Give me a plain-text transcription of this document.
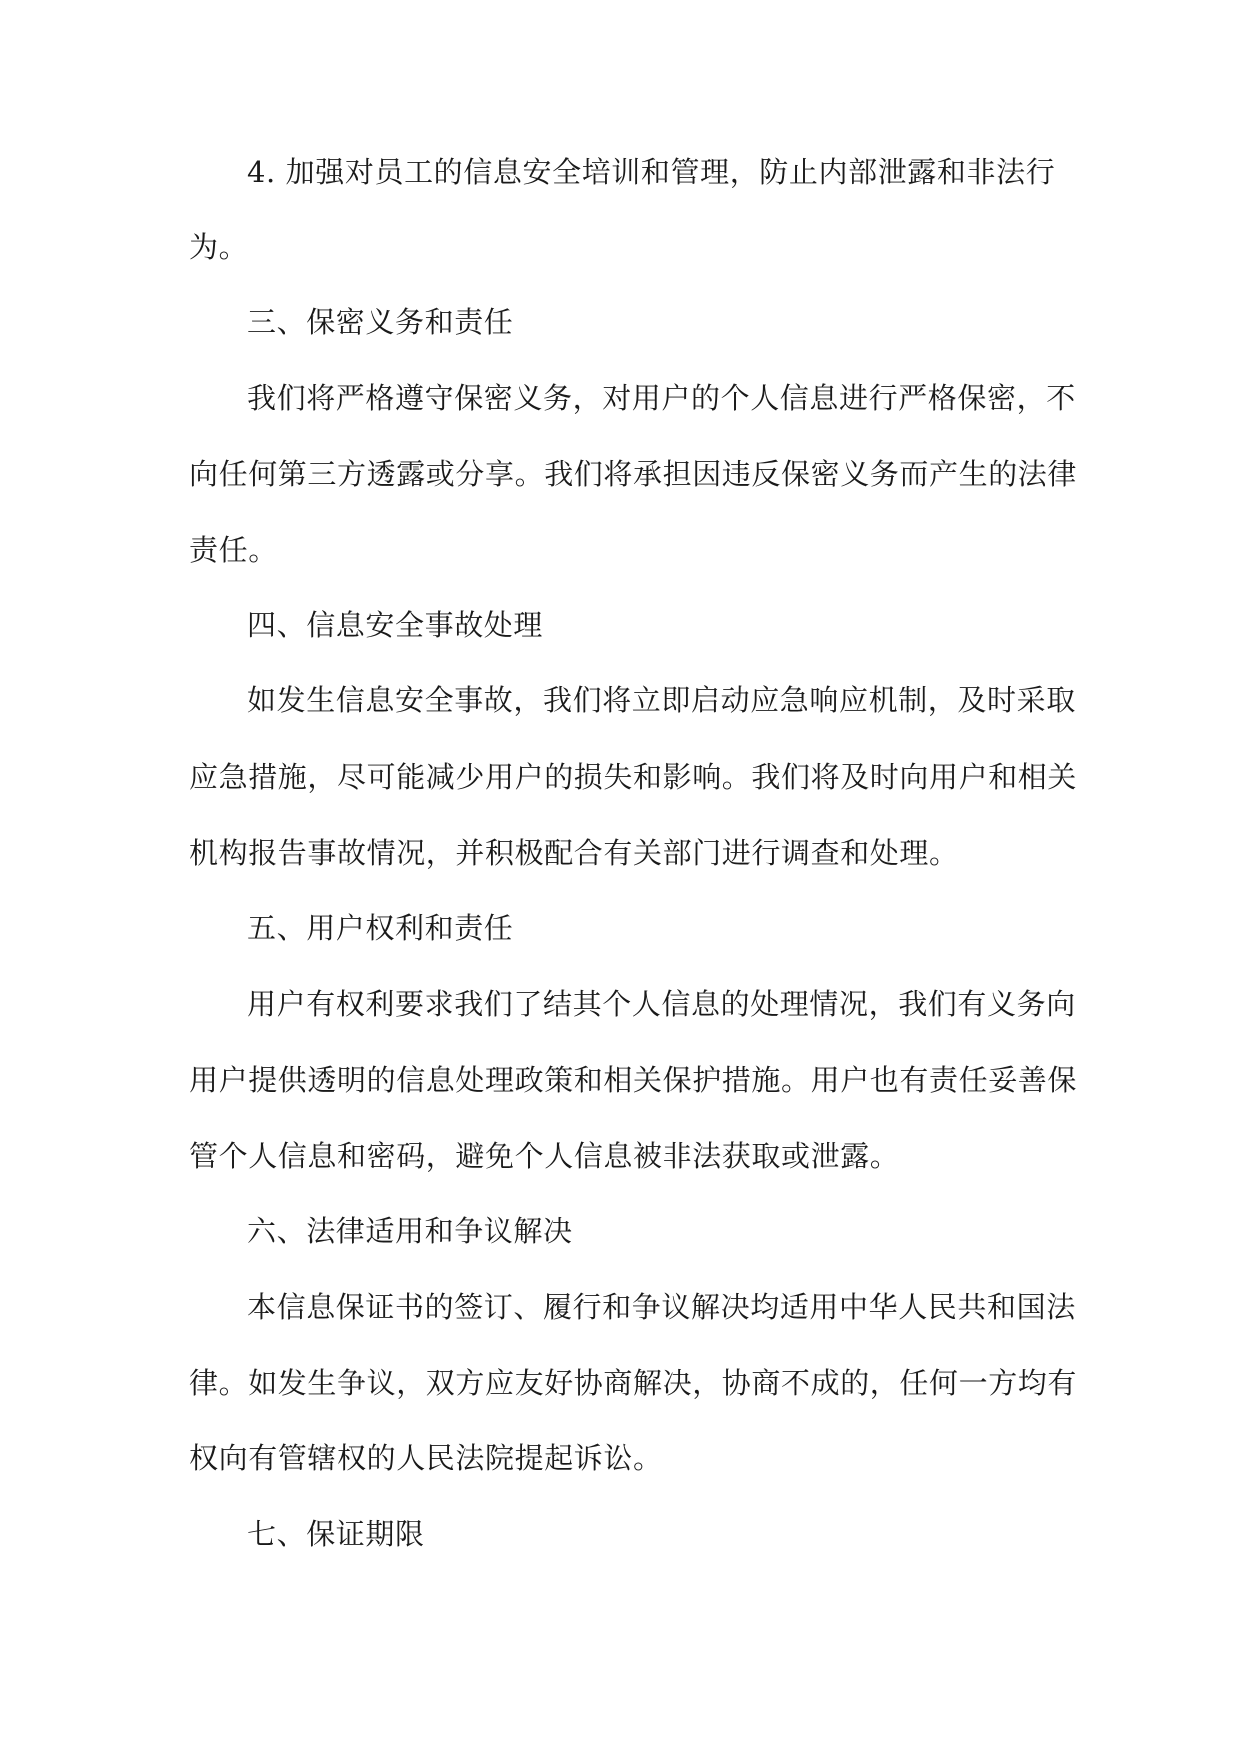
4. 加强对员工的信息安全培训和管理，防止内部泄露和非法行
为。
三、保密义务和责任
我们将严格遵守保密义务，对用户的个人信息进行严格保密，不
向任何第三方透露或分享。我们将承担因违反保密义务而产生的法律
责任。
四、信息安全事故处理
如发生信息安全事故，我们将立即启动应急响应机制，及时采取
应急措施，尽可能减少用户的损失和影响。我们将及时向用户和相关
机构报告事故情况，并积极配合有关部门进行调查和处理。
五、用户权利和责任
用户有权利要求我们了结其个人信息的处理情况，我们有义务向
用户提供透明的信息处理政策和相关保护措施。用户也有责任妥善保
管个人信息和密码，避免个人信息被非法获取或泄露。
六、法律适用和争议解决
本信息保证书的签订、履行和争议解决均适用中华人民共和国法
律。如发生争议，双方应友好协商解决，协商不成的，任何一方均有
权向有管辖权的人民法院提起诉讼。
七、保证期限
